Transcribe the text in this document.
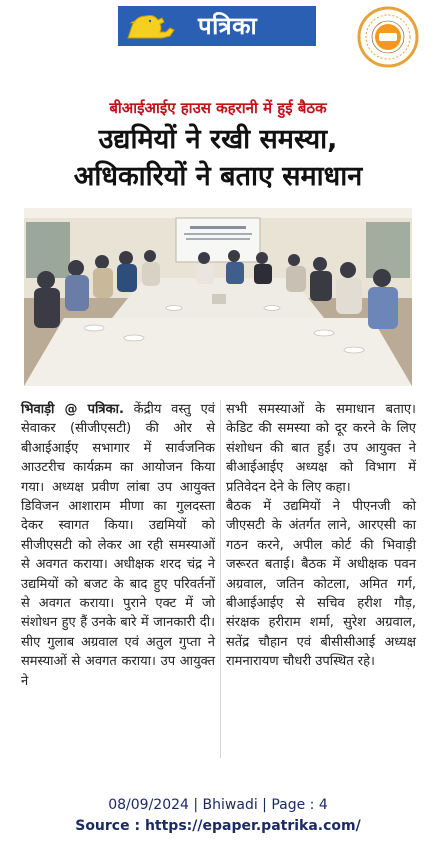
पत्रिका
बीआईआईए हाउस कहरानी में हुई बैठक
उद्यमियों ने रखी समस्या,
अधिकारियों ने बताए समाधान
भिवाड़ी @ पत्रिका. केंद्रीय वस्तु एवं सेवाकर (सीजीएसटी) की ओर से बीआईआईए सभागार में सार्वजनिक आउटरीच कार्यक्रम का आयोजन किया गया। अध्यक्ष प्रवीण लांबा उप आयुक्त डिविजन आशाराम मीणा का गुलदस्ता देकर स्वागत किया। उद्यमियों को सीजीएसटी को लेकर आ रही समस्याओं से अवगत कराया। अधीक्षक शरद चंद्र ने उद्यमियों को बजट के बाद हुए परिवर्तनों से अवगत कराया। पुराने एक्ट में जो संशोधन हुए हैं उनके बारे में जानकारी दी। सीए गुलाब अग्रवाल एवं अतुल गुप्ता ने समस्याओं से अवगत कराया। उप आयुक्त ने
सभी समस्याओं के समाधान बताए। केडिट की समस्या को दूर करने के लिए संशोधन की बात हुई। उप आयुक्त ने बीआईआईए अध्यक्ष को विभाग में प्रतिवेदन देने के लिए कहा।
बैठक में उद्यमियों ने पीएनजी को जीएसटी के अंतर्गत लाने, आरएसी का गठन करने, अपील कोर्ट की भिवाड़ी जरूरत बताई। बैठक में अधीक्षक पवन अग्रवाल, जतिन कोटला, अमित गर्ग, बीआईआईए से सचिव हरीश गौड़, संरक्षक हरीराम शर्मा, सुरेश अग्रवाल, सतेंद्र चौहान एवं बीसीसीआई अध्यक्ष रामनारायण चौधरी उपस्थित रहे।
08/09/2024 | Bhiwadi | Page : 4
Source : https://epaper.patrika.com/
